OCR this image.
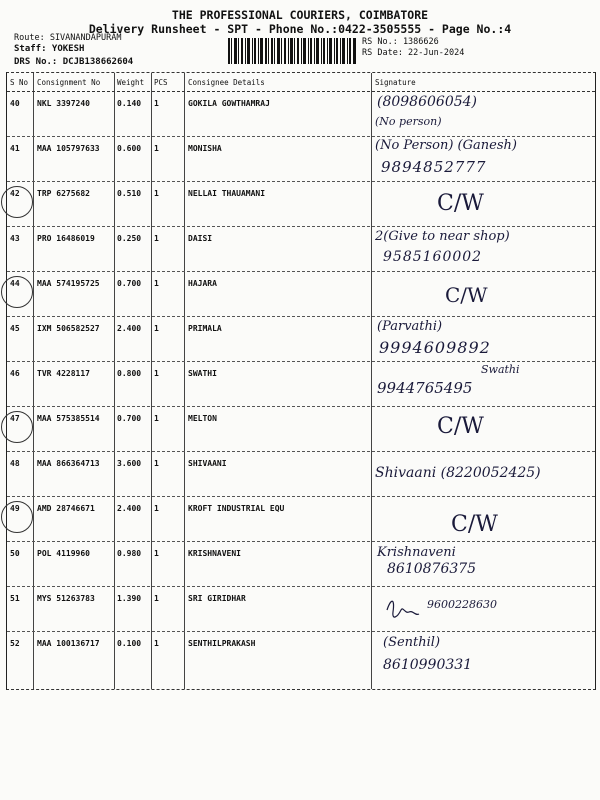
THE PROFESSIONAL COURIERS, COIMBATORE
Delivery Runsheet - SPT - Phone No.:0422-3505555 - Page No.:4
Route: SIVANANDAPURAM
Staff: YOKESH
DRS No.: DCJB138662604
RS No.: 1386626
RS Date: 22-Jun-2024
S No Consignment No Weight PCS	Consignee Details	Signature
40 NKL 3397240	0.140 1	GOKILA GOWTHAMRAJ	(8098606054)
(No person)
41 MAA 105797633 0.600 1	MONISHA	(No Person) (Ganesh)
9894852777
42 TRP 6275682	0.510 1	NELLAI THAUAMANI	C/W
43 PRO 16486019	0.250 1	DAISI	2(Give to near shop)
9585160002
44 MAA 574195725 0.700 1	HAJARA	C/W
45 IXM 506582527 2.400 1	PRIMALA	(Parvathi)
9994609892
46 TVR 4228117	0.800 1	SWATHI	Swathi
9944765495
47 MAA 575385514 0.700 1	MELTON	C/W
48 MAA 866364713 3.600 1	SHIVAANI
Shivaani (8220052425)
49 AMD 28746671	2.400 1	KROFT INDUSTRIAL EQU
C/W
50 POL 4119960	0.980 1	KRISHNAVENI	Krishnaveni
8610876375
51 MYS 51263783	1.390 1	SRI GIRIDHAR	9600228630
52 MAA 100136717 0.100 1	SENTHILPRAKASH	(Senthil)
8610990331
